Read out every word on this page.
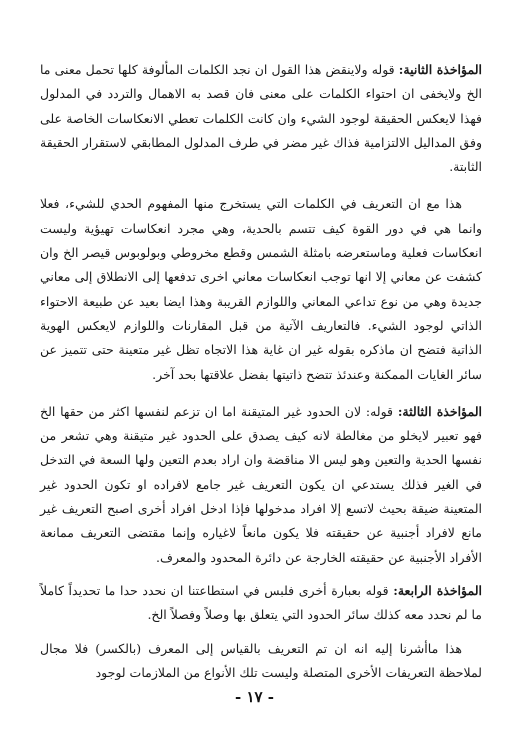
المؤاخذة الثانية: قوله ولاينقض هذا القول ان نجد الكلمات المألوفة كلها تحمل معنى ما الخ ولايخفى ان احتواء الكلمات على معنى فان قصد به الاهمال والتردد في المدلول فهذا لايعكس الحقيقة لوجود الشيء وان كانت الكلمات تعطي الانعكاسات الخاصة على وفق المداليل الالتزامية فذاك غير مضر في طرف المدلول المطابقي لاستقرار الحقيقة الثابتة.

هذا مع ان التعريف في الكلمات التي يستخرج منها المفهوم الحدي للشيء، فعلا وانما هي في دور القوة كيف تتسم بالحدية، وهي مجرد انعكاسات تهيؤية وليست انعكاسات فعلية وماستعرضه بامثلة الشمس وقطع مخروطي وبولوبوس قيصر الخ وان كشفت عن معاني إلا انها توجب انعكاسات معاني اخرى تدفعها إلى الانطلاق إلى معاني جديدة وهي من نوع تداعي المعاني واللوازم القريبة وهذا ايضا بعيد عن طبيعة الاحتواء الذاتي لوجود الشيء. فالتعاريف الآتية من قبل المقارنات واللوازم لايعكس الهوية الذاتية فتضح ان ماذكره بقوله غير ان غاية هذا الاتجاه تظل غير متعينة حتى تتميز عن سائر الغايات الممكنة وعندئذ تتضح ذاتيتها بفضل علاقتها بحد آخر.

المؤاخذة الثالثة: قوله: لان الحدود غير المتيقنة اما ان تزعم لنفسها اكثر من حقها الخ فهو تعبير لايخلو من مغالطة لانه كيف يصدق على الحدود غير متيقنة وهي تشعر من نفسها الحدية والتعين وهو ليس الا مناقضة وان اراد بعدم التعين ولها السعة في التدخل في الغير فذلك يستدعي ان يكون التعريف غير جامع لافراده او تكون الحدود غير المتعينة ضيقة بحيث لاتسع إلا افراد مدخولها فإذا ادخل افراد أخرى اصبح التعريف غير مانع لافراد أجنبية عن حقيقته فلا يكون مانعاً لاغياره وإنما مقتضى التعريف ممانعة الأفراد الأجنبية عن حقيقته الخارجة عن دائرة المحدود والمعرف.

المؤاخذة الرابعة: قوله بعبارة أخرى فلبس في استطاعتنا ان نحدد حدا ما تحديداً كاملاً ما لم نحدد معه كذلك سائر الحدود التي يتعلق بها وصلاً وفصلاً الخ.

هذا ماأشرنا إليه انه ان تم التعريف بالقياس إلى المعرف (بالكسر) فلا مجال لملاحظة التعريفات الأخرى المتصلة وليست تلك الأنواع من الملازمات لوجود

- ١٧ -
